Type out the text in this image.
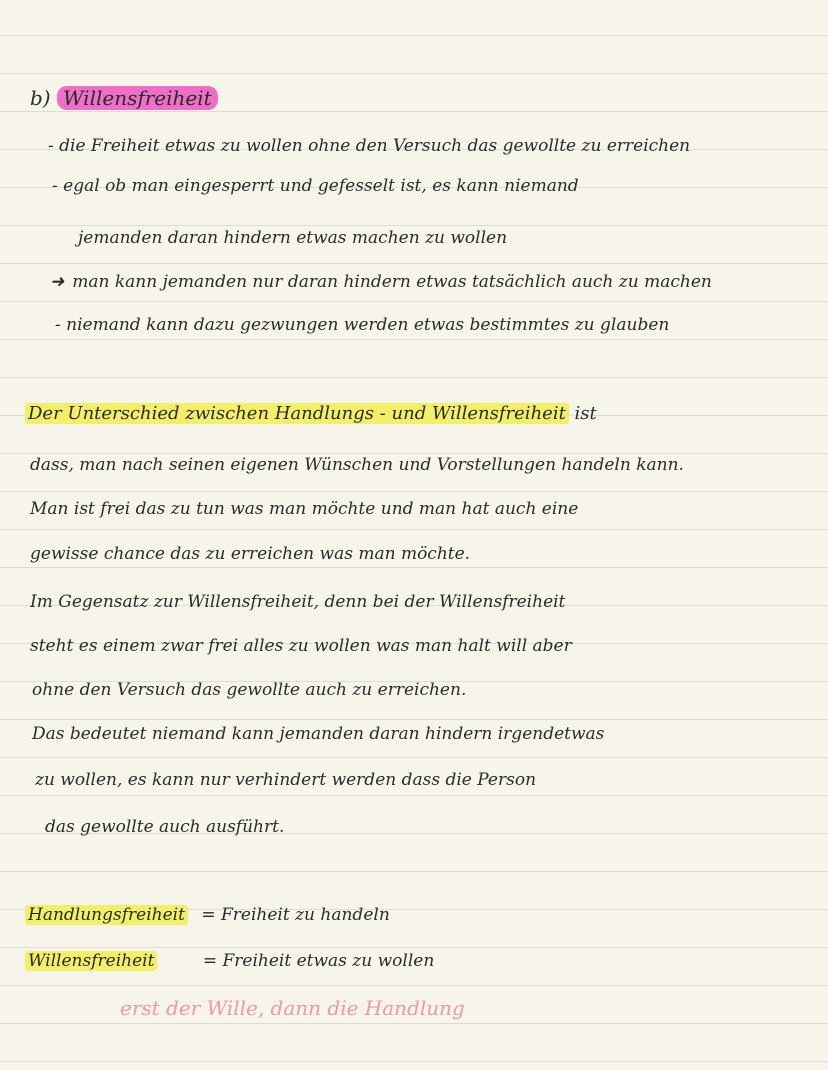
b) Willensfreiheit
- die Freiheit etwas zu wollen ohne den Versuch das gewollte zu erreichen
- egal ob man eingesperrt und gefesselt ist, es kann niemand
jemanden daran hindern etwas machen zu wollen
➜ man kann jemanden nur daran hindern etwas tatsächlich auch zu machen
- niemand kann dazu gezwungen werden etwas bestimmtes zu glauben
Der Unterschied zwischen Handlungs - und Willensfreiheit ist
dass, man nach seinen eigenen Wünschen und Vorstellungen handeln kann.
Man ist frei das zu tun was man möchte und man hat auch eine
gewisse chance das zu erreichen was man möchte.
Im Gegensatz zur Willensfreiheit, denn bei der Willensfreiheit
steht es einem zwar frei alles zu wollen was man halt will aber
ohne den Versuch das gewollte auch zu erreichen.
Das bedeutet niemand kann jemanden daran hindern irgendetwas
zu wollen, es kann nur verhindert werden dass die Person
das gewollte auch ausführt.
Handlungsfreiheit = Freiheit zu handeln
Willensfreiheit	= Freiheit etwas zu wollen
erst der Wille, dann die Handlung
